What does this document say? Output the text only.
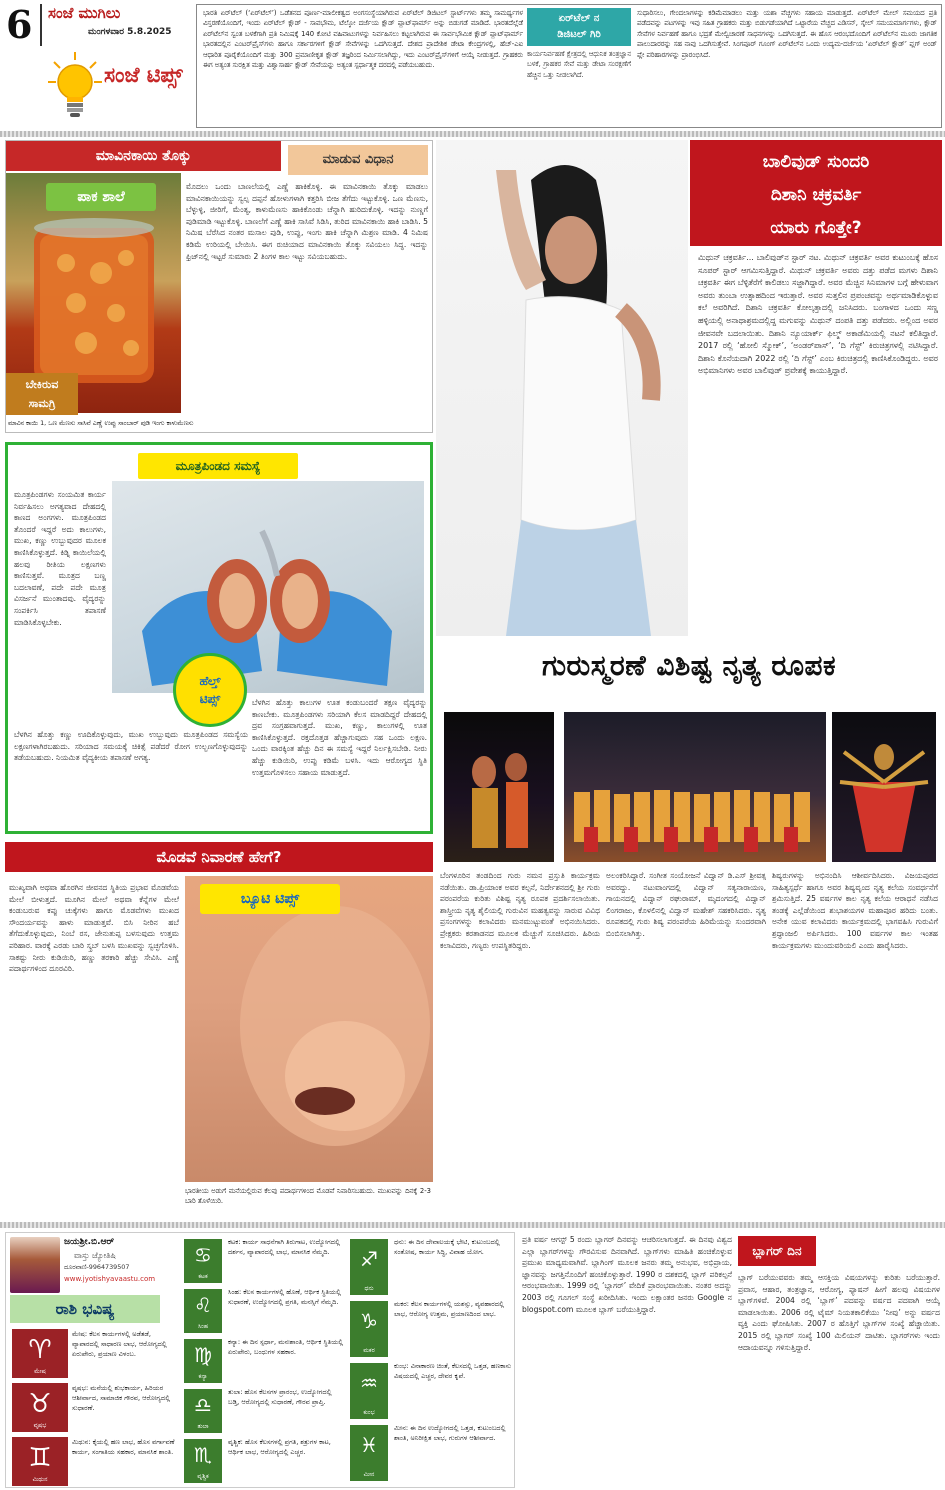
6 ಸಂಜೆ ಮುಗಿಲು
ಮಂಗಳವಾರ 5.8.2025
ಸಂಜೆ ಟಿಪ್ಸ್
ಭಾರತಿ ಏರ್‌ಟೆಲ್ (‘ಏರ್‌ಟೆಲ್’) ಒಡೆತನದ ಪೂರ್ಣ-ಮಾಲೀಕತ್ವದ ಅಂಗಸಂಸ್ಥೆಯಾಗಿರುವ ಏರ್‌ಟೆಲ್ ಡಿಜಿಟಲ್ ಸ್ಟಾರ್ಟ್‌ಗಳು ತಮ್ಮ ಸಾಮರ್ಥ್ಯಗಳ ವಿಸ್ತರಣೆಯೊಂದಿಗೆ, ಇಂದು ಏರ್‌ಟೆಲ್ ಕ್ಲೌಡ್ - ಸಾವಭೌಮ, ಟೆಲ್ಕೋ ದರ್ಜೆಯ ಕ್ಲೌಡ್ ಪ್ಲಾಟ್‌ಫಾರ್ಮ್ ಅನ್ನು ಬಿಡುಗಡೆ ಮಾಡಿದೆ. ಭಾರತದೆಲ್ಲೆಡೆ ಏರ್‌ಟೆಲ್‌ನ ಸ್ವಂತ ಬಳಕೆಗಾಗಿ ಪ್ರತಿ ನಿಮಿಷಕ್ಕೆ 140 ಕೋಟಿ ವಹಿವಾಟುಗಳನ್ನು ನಿರ್ವಹಿಸಲು ಕಟ್ಟಲಾಗಿರುವ ಈ ಸಾರ್ವಭೌಮಿಕ ಕ್ಲೌಡ್ ಪ್ಲಾಟ್‌ಫಾರ್ಮ್ ಭಾರತದಲ್ಲಿನ ಎಂಟರ್‌ಪ್ರೈಸ್‌ಗಳು ಹಾಗೂ ಸರ್ಕಾರಗಳಿಗೆ ಕ್ಲೌಡ್ ಸೇವೆಗಳನ್ನು ಒದಗಿಸುತ್ತದೆ. ದೇಶದ ಪ್ರಾದೇಶಿಕ ಡೇಟಾ ಕೇಂದ್ರಗಳಲ್ಲಿ, ಹೆಚ್‌-ಎಐ ಆಧಾರಿತ ಪೂರೈಕೆಯೊಂದಿಗೆ ಮತ್ತು 300 ಪ್ರಮಾಣೀಕೃತ ಕ್ಲೌಡ್ ತಜ್ಞರಿಂದ ನಿರ್ಮಿಸಲಾಗಿದ್ದು, ಇದು ಎಂಟರ್‌ಪ್ರೈಸ್‌ಗಳಿಗೆ ಆಯ್ಕೆ ನೀಡುತ್ತದೆ. ಗ್ರಾಹಕರು ಈಗ ಅತ್ಯಂತ ಸುರಕ್ಷಿತ ಮತ್ತು ವಿಶ್ವಾಸಾರ್ಹ ಕ್ಲೌಡ್ ಸೇವೆಯನ್ನು ಅತ್ಯಂತ ಸ್ಪರ್ಧಾತ್ಮಕ ದರದಲ್ಲಿ ಪಡೆಯಬಹುದು.
ಏರ್‌ಟೆಲ್ ನ
ಡಿಜಿಟಲ್ ಗಿರಿ
ಕಾರ್ಯನಿರ್ವಹಣೆ ಕ್ಷೇತ್ರದಲ್ಲಿ ಆಧುನಿಕ ತಂತ್ರಜ್ಞಾನ ಬಳಕೆ, ಗ್ರಾಹಕರ ಸೇವೆ ಮತ್ತು ಡೇಟಾ ಸಂರಕ್ಷಣೆಗೆ ಹೆಚ್ಚಿನ ಒತ್ತು ನೀಡಲಾಗಿದೆ.
ಸುಧಾರಿಸಲು, ಗೇಂದಲಾಗಳನ್ನು ಕಡಿಮೆಮಾಡಲು ಮತ್ತು ಯಶಾ ವೆಚ್ಚಗಳು ಸಹಾಯ ಮಾಡುತ್ತದೆ. ಏರ್‌ಟೆಲ್ ಮೇಲ್ ಸಮಯದ ಪ್ರತಿ ಪಡೆದವನ್ನು ಪಟಗಳನ್ನು ಇವು ಸಹಿತ ಗ್ರಾಹಕರು ಮತ್ತು ಬಿಡುಗಡೆಯಾಗಿದೆ ಒಟ್ಟಾರೆಯ ವೆಚ್ಚದ ಎಡಿಸನ್, ಸ್ಕೇಲ್ ಸಮಯಮಾರ್ಗಗಳು, ಕ್ಲೌಡ್ ಸೇವೆಗಳ ನಿರ್ವಹಣೆ ಹಾಗೂ ಭದ್ರತೆ ಮೇಲ್ವಿಚಾರಣೆ ಸಾಧನಗಳನ್ನು ಒದಗಿಸುತ್ತದೆ. ಈ ಹೊಸ ಆರಂಭದೊಂದಿಗೆ ಏರ್‌ಟೆಲ್‌ನ ಮೂರು ಜಾಗತಿಕ ಪಾಲುದಾರರನ್ನು ಸಹ ನಾವು ಒದಗಿಸುತ್ತೇವೆ. ಸಿಂಗಪೂರ್ ಗೂಂಗ್ ಏರ್‌ಟೆಲ್‌ನ ಒಂದು ಉದ್ಯಮ-ದರ್ಜೆಯ ‘ಏರ್‌ಟೆಲ್ ಕ್ಲೌಡ್’ ಪ್ಲಗ್ ಅಂಡ್ ಪ್ಲೇ ಪರಿಹಾರಗಳನ್ನು ಪ್ರಾರಂಭಿಸಿದೆ.
ಮಾವಿನಕಾಯಿ ತೊಕ್ಕು	ಮಾಡುವ ವಿಧಾನ
ಪಾಕ ಶಾಲೆ
ಬೇಕಿರುವ
ಸಾಮಗ್ರಿ
ಮಾವಿನ ಕಾಯಿ 1, ಒಣ ಮೆಣಸು ಸಾಸಿವೆ ಎಣ್ಣೆ ಉಪ್ಪು ಸಾಂಬಾರ್ ಪುಡಿ ಇಂಗು ಕಾಳುಮೆಣಸು
ಮೊದಲು ಒಂದು ಬಾಣಲೆಯಲ್ಲಿ ಎಣ್ಣೆ ಹಾಕಿಕೊಳ್ಳಿ. ಈ ಮಾವಿನಕಾಯಿ ತೊಕ್ಕು ಮಾಡಲು ಮಾವಿನಕಾಯಿಯನ್ನು ಸ್ವಲ್ಪ ದಪ್ಪನೆ ಹೋಳುಗಳಾಗಿ ಕತ್ತರಿಸಿ ಬೀಜ ತೆಗೆದು ಇಟ್ಟುಕೊಳ್ಳಿ. ಒಣ ಮೆಣಸು, ಬೆಳ್ಳುಳ್ಳಿ, ಜೀರಿಗೆ, ಮೆಂತ್ಯ, ಕಾಳುಮೆಣಸು ಹಾಕಿಕೊಂಡು ಚೆನ್ನಾಗಿ ಹುರಿದುಕೊಳ್ಳಿ. ಇದನ್ನು ನುಣ್ಣಗೆ ಪುಡಿಮಾಡಿ ಇಟ್ಟುಕೊಳ್ಳಿ. ಬಾಣಲೆಗೆ ಎಣ್ಣೆ ಹಾಕಿ ಸಾಸಿವೆ ಸಿಡಿಸಿ, ತುರಿದ ಮಾವಿನಕಾಯಿ ಹಾಕಿ ಬಾಡಿಸಿ. 5 ನಿಮಿಷ ಬೆರೆಸಿದ ನಂತರ ಮಸಾಲ ಪುಡಿ, ಉಪ್ಪು, ಇಂಗು ಹಾಕಿ ಚೆನ್ನಾಗಿ ಮಿಶ್ರಣ ಮಾಡಿ. 4 ನಿಮಿಷ ಕಡಿಮೆ ಉರಿಯಲ್ಲಿ ಬೇಯಿಸಿ. ಈಗ ರುಚಿಯಾದ ಮಾವಿನಕಾಯಿ ತೊಕ್ಕು ಸವಿಯಲು ಸಿದ್ಧ. ಇದನ್ನು ಫ್ರಿಜ್‌ನಲ್ಲಿ ಇಟ್ಟರೆ ಸುಮಾರು 2 ತಿಂಗಳ ಕಾಲ ಇಟ್ಟು ಸವಿಯಬಹುದು.
ಮೂತ್ರಪಿಂಡದ ಸಮಸ್ಯೆ
ಮೂತ್ರಪಿಂಡಗಳು ಸಂಯಮಿತ ಕಾರ್ಯ ನಿರ್ವಹಿಸಲು ಅಗತ್ಯವಾದ ದೇಹದಲ್ಲಿ ಕಾಣದ ಅಂಗಗಳು. ಮೂತ್ರಪಿಂಡದ ತೊಂದರೆ ಇದ್ದರೆ ಅದು ಕಾಲುಗಳು, ಮುಖ, ಕಣ್ಣು ಉಬ್ಬುವುದರ ಮೂಲಕ ಕಾಣಿಸಿಕೊಳ್ಳುತ್ತದೆ. ಕಿಡ್ನಿ ಕಾಯಿಲೆಯಲ್ಲಿ ಹಲವು ರೀತಿಯ ಲಕ್ಷಣಗಳು ಕಾಣಿಸುತ್ತವೆ. ಮೂತ್ರದ ಬಣ್ಣ ಬದಲಾವಣೆ, ಪದೇ ಪದೇ ಮೂತ್ರ ವಿಸರ್ಜನೆ ಮುಂತಾದವು. ವೈದ್ಯರನ್ನು ಸಂಪರ್ಕಿಸಿ ತಪಾಸಣೆ ಮಾಡಿಸಿಕೊಳ್ಳಬೇಕು.
ಹೆಲ್ತ್
ಟಿಪ್ಸ್	ಬೆಳಗಿನ ಹೊತ್ತು ಕಾಲುಗಳ ಊತ ಕಂಡುಬಂದರೆ ತಕ್ಷಣ ವೈದ್ಯರನ್ನು ಕಾಣಬೇಕು. ಮೂತ್ರಪಿಂಡಗಳು ಸರಿಯಾಗಿ ಕೆಲಸ ಮಾಡದಿದ್ದರೆ ದೇಹದಲ್ಲಿ ದ್ರವ ಸಂಗ್ರಹವಾಗುತ್ತದೆ. ಮುಖ, ಕಣ್ಣು, ಕಾಲುಗಳಲ್ಲಿ ಊತ ಕಾಣಿಸಿಕೊಳ್ಳುತ್ತದೆ. ರಕ್ತದೊತ್ತಡ ಹೆಚ್ಚಾಗುವುದು ಸಹ ಒಂದು ಲಕ್ಷಣ. ಒಂದು ವಾರಕ್ಕಿಂತ ಹೆಚ್ಚು ದಿನ ಈ ಸಮಸ್ಯೆ ಇದ್ದರೆ ನಿರ್ಲಕ್ಷಿಸಬೇಡಿ. ನೀರು ಹೆಚ್ಚು ಕುಡಿಯಿರಿ, ಉಪ್ಪು ಕಡಿಮೆ ಬಳಸಿ. ಇದು ಆರೋಗ್ಯದ ಸ್ಥಿತಿ ಉತ್ತಮಗೊಳಿಸಲು ಸಹಾಯ ಮಾಡುತ್ತದೆ.
ಬೆಳಗಿನ ಹೊತ್ತು ಕಣ್ಣು ಊದಿಕೊಳ್ಳುವುದು, ಮುಖ ಉಬ್ಬುವುದು ಮೂತ್ರಪಿಂಡದ ಸಮಸ್ಯೆಯ ಲಕ್ಷಣಗಳಾಗಿರಬಹುದು. ಸರಿಯಾದ ಸಮಯಕ್ಕೆ ಚಿಕಿತ್ಸೆ ಪಡೆದರೆ ರೋಗ ಉಲ್ಬಣಗೊಳ್ಳುವುದನ್ನು ತಡೆಯಬಹುದು. ನಿಯಮಿತ ವೈದ್ಯಕೀಯ ತಪಾಸಣೆ ಅಗತ್ಯ.
ಬಾಲಿವುಡ್ ಸುಂದರಿ
ದಿಶಾನಿ ಚಕ್ರವರ್ತಿ
ಯಾರು ಗೊತ್ತೇ?
ಮಿಥುನ್ ಚಕ್ರವರ್ತಿ... ಬಾಲಿವುಡ್‌ನ ಸ್ಟಾರ್ ನಟ. ಮಿಥುನ್ ಚಕ್ರವರ್ತಿ ಅವರ ಕುಟುಂಬಕ್ಕೆ ಹೊಸ ಸೂಪರ್ ಸ್ಟಾರ್ ಆಗಮಿಸುತ್ತಿದ್ದಾರೆ. ಮಿಥುನ್ ಚಕ್ರವರ್ತಿ ಅವರು ದತ್ತು ಪಡೆದ ಮಗಳು ದಿಶಾನಿ ಚಕ್ರವರ್ತಿ ಈಗ ಬೆಳ್ಳಿತೆರೆಗೆ ಕಾಲಿಡಲು ಸಜ್ಜಾಗಿದ್ದಾರೆ. ಅವರ ಮೆಚ್ಚಿನ ಸಿನಿಮಾಗಳ ಬಗ್ಗೆ ಹೇಳುವಾಗ ಅವರು ತುಂಬಾ ಉತ್ಸಾಹದಿಂದ ಇರುತ್ತಾರೆ. ಅವರ ಸುತ್ತಲಿನ ಪ್ರಪಂಚವನ್ನು ಅರ್ಥಮಾಡಿಕೊಳ್ಳುವ ಕಲೆ ಅವರಿಗಿದೆ. ದಿಶಾನಿ ಚಕ್ರವರ್ತಿ ಕೋಲ್ಕತ್ತಾದಲ್ಲಿ ಜನಿಸಿದರು. ಬಂಗಾಳದ ಒಂದು ಸಣ್ಣ ಹಳ್ಳಿಯಲ್ಲಿ ಅನಾಥಾಶ್ರಮದಲ್ಲಿದ್ದ ಮಗುವನ್ನು ಮಿಥುನ್ ದಂಪತಿ ದತ್ತು ಪಡೆದರು. ಅಲ್ಲಿಂದ ಅವರ ಜೀವನವೇ ಬದಲಾಯಿತು. ದಿಶಾನಿ ನ್ಯೂಯಾರ್ಕ್ ಫಿಲ್ಮ್ ಅಕಾಡೆಮಿಯಲ್ಲಿ ನಟನೆ ಕಲಿತಿದ್ದಾರೆ. 2017 ರಲ್ಲಿ ‘ಹೋಲಿ ಸ್ಮೋಕ್’, ‘ಅಂಡರ್‌ಪಾಸ್’, ‘ದಿ ಗೆಸ್ಟ್’ ಕಿರುಚಿತ್ರಗಳಲ್ಲಿ ನಟಿಸಿದ್ದಾರೆ. ದಿಶಾನಿ ಕೊನೆಯದಾಗಿ 2022 ರಲ್ಲಿ ‘ದಿ ಗೆಸ್ಟ್’ ಎಂಬ ಕಿರುಚಿತ್ರದಲ್ಲಿ ಕಾಣಿಸಿಕೊಂಡಿದ್ದರು. ಅವರ ಅಭಿಮಾನಿಗಳು ಅವರ ಬಾಲಿವುಡ್ ಪ್ರವೇಶಕ್ಕೆ ಕಾಯುತ್ತಿದ್ದಾರೆ.
ಗುರುಸ್ಮರಣೆ ವಿಶಿಷ್ಟ ನೃತ್ಯ ರೂಪಕ
ಬೆಂಗಳೂರಿನ ತಂಡದಿಂದ ಗುರು ನಮನ ಪ್ರಸ್ತುತಿ ಕಾರ್ಯಕ್ರಮ ನಡೆಯಿತು. ಡಾ.ಪ್ರಿಯಾಂಕ ಅವರ ಕಲ್ಪನೆ, ನಿರ್ದೇಶನದಲ್ಲಿ ಶ್ರೀ ಗುರು ಪರಂಪರೆಯ ಕುರಿತು ವಿಶಿಷ್ಟ ನೃತ್ಯ ರೂಪಕ ಪ್ರದರ್ಶಿಸಲಾಯಿತು. ಶಾಸ್ತ್ರೀಯ ನೃತ್ಯ ಶೈಲಿಯಲ್ಲಿ ಗುರುವಿನ ಮಹತ್ವವನ್ನು ಸಾರುವ ವಿವಿಧ ಪ್ರಸಂಗಗಳನ್ನು ಕಲಾವಿದರು ಮನಮುಟ್ಟುವಂತೆ ಅಭಿನಯಿಸಿದರು. ಪ್ರೇಕ್ಷಕರು ಕರತಾಡನದ ಮೂಲಕ ಮೆಚ್ಚುಗೆ ಸೂಚಿಸಿದರು. ಹಿರಿಯ ಕಲಾವಿದರು, ಗಣ್ಯರು ಉಪಸ್ಥಿತರಿದ್ದರು.
ಅಲಂಕರಿಸಿದ್ದಾರೆ. ಸಂಗೀತ ಸಂಯೋಜನೆ ವಿದ್ವಾನ್ ಡಿ.ಎಸ್ ಶ್ರೀವತ್ಸ ಅವರದ್ದು. ನಟುವಾಂಗದಲ್ಲಿ ವಿದ್ವಾನ್ ಸತ್ಯನಾರಾಯಣ, ಗಾಯನದಲ್ಲಿ ವಿದ್ವಾನ್ ರಘುರಾಮ್, ಮೃದಂಗದಲ್ಲಿ ವಿದ್ವಾನ್ ಲಿಂಗರಾಜು, ಕೊಳಲಿನಲ್ಲಿ ವಿದ್ವಾನ್ ಮಹೇಶ್ ಸಹಕರಿಸಿದರು. ನೃತ್ಯ ರೂಪಕದಲ್ಲಿ ಗುರು ಶಿಷ್ಯ ಪರಂಪರೆಯ ಹಿರಿಮೆಯನ್ನು ಸುಂದರವಾಗಿ ಬಿಂಬಿಸಲಾಗಿತ್ತು.
ಶಿಷ್ಯರುಗಳನ್ನು ಅಭಿನಂದಿಸಿ ಆಶೀರ್ವದಿಸಿದರು. ವಿಜಯಪುರದ ಸಾಹಿತ್ಯಸ್ಪರ್ಧೆ ಹಾಗೂ ಅವರ ಶಿಷ್ಯವೃಂದ ನೃತ್ಯ ಕಲೆಯ ಸಂವರ್ಧನೆಗೆ ಶ್ರಮಿಸುತ್ತಿದೆ. 25 ವರ್ಷಗಳ ಕಾಲ ನೃತ್ಯ ಕಲೆಯ ಆರಾಧನೆ ನಡೆಸಿದ ತಂಡಕ್ಕೆ ಎಲ್ಲೆಡೆಯಿಂದ ಶುಭಾಶಯಗಳ ಮಹಾಪೂರ ಹರಿದು ಬಂತು. ಅನೇಕ ಯುವ ಕಲಾವಿದರು ಕಾರ್ಯಕ್ರಮದಲ್ಲಿ ಭಾಗವಹಿಸಿ ಗುರುವಿಗೆ ಶ್ರದ್ಧಾಂಜಲಿ ಅರ್ಪಿಸಿದರು. 100 ವರ್ಷಗಳ ಕಾಲ ಇಂತಹ ಕಾರ್ಯಕ್ರಮಗಳು ಮುಂದುವರಿಯಲಿ ಎಂದು ಹಾರೈಸಿದರು.
ಮೊಡವೆ ನಿವಾರಣೆ ಹೇಗೆ?
ಮುಖ್ಯವಾಗಿ ಅಥವಾ ಹೊರಗಿನ ಜೀವನದ ಸ್ಥಿತಿಯ ಪ್ರಭಾವ ಮೊಡವೆಯ ಮೇಲೆ ಬೀಳುತ್ತದೆ. ಮೂಗಿನ ಮೇಲೆ ಅಥವಾ ಕೆನ್ನೆಗಳ ಮೇಲೆ ಕಂಡುಬರುವ ಕಪ್ಪು ಚುಕ್ಕೆಗಳು ಹಾಗೂ ಮೊಡವೆಗಳು ಮುಖದ ಸೌಂದರ್ಯವನ್ನು ಹಾಳು ಮಾಡುತ್ತವೆ. ಬಿಸಿ ನೀರಿನ ಹಬೆ ತೆಗೆದುಕೊಳ್ಳುವುದು, ನಿಂಬೆ ರಸ, ಜೇನುತುಪ್ಪ ಬಳಸುವುದು ಉತ್ತಮ ಪರಿಹಾರ. ವಾರಕ್ಕೆ ಎರಡು ಬಾರಿ ಸ್ಕ್ರಬ್ ಬಳಸಿ ಮುಖವನ್ನು ಸ್ವಚ್ಛಗೊಳಿಸಿ. ಸಾಕಷ್ಟು ನೀರು ಕುಡಿಯಿರಿ, ಹಣ್ಣು ತರಕಾರಿ ಹೆಚ್ಚು ಸೇವಿಸಿ. ಎಣ್ಣೆ ಪದಾರ್ಥಗಳಿಂದ ದೂರವಿರಿ.
ಬ್ಯೂಟಿ ಟಿಪ್ಸ್
ಭಾರತೀಯ ಅಡುಗೆ ಮನೆಯಲ್ಲಿರುವ ಕೆಲವು ಪದಾರ್ಥಗಳಿಂದ ಮೊಡವೆ ನಿವಾರಿಸಬಹುದು. ಮುಖವನ್ನು ದಿನಕ್ಕೆ 2-3 ಬಾರಿ ತೊಳೆಯಿರಿ.
ಜಯಶ್ರೀ.ಬಿ.ಆರ್
ವಾಸ್ತು ಜ್ಯೋತಿಷಿ
ದೂರವಾಣಿ-9964739507
www.jyotishyavaastu.com
ರಾಶಿ ಭವಿಷ್ಯ
♈
ಮೇಷ
ಮೇಷ: ಕೆಲಸ ಕಾರ್ಯಗಳಲ್ಲಿ ಅಡೆತಡೆ, ವ್ಯಾಪಾರದಲ್ಲಿ ಸಾಧಾರಣ ಲಾಭ, ಆರೋಗ್ಯದಲ್ಲಿ ಏರುಪೇರು, ಪ್ರಯಾಣ ವಿಳಂಬ.
♉
ವೃಷಭ
ವೃಷಭ: ಮನೆಯಲ್ಲಿ ಶುಭಕಾರ್ಯ, ಹಿರಿಯರ ಆಶೀರ್ವಾದ, ಸಾಮಾಜಿಕ ಗೌರವ, ಆರೋಗ್ಯದಲ್ಲಿ ಸುಧಾರಣೆ.
♊
ಮಿಥುನ
ಮಿಥುನ: ಕೈಯಲ್ಲಿ ಹಣ ಲಾಭ, ಹೊಸ ವರ್ಗಾವಣೆ ಕಾರ್ಯ, ಸಂಗಾತಿಯ ಸಹಕಾರ, ಮಾನಸಿಕ ಶಾಂತಿ.
♋
ಕಟಕ
ಕಟಕ: ಕಾರ್ಯ ಸಾಧನೆಗಾಗಿ ತಿರುಗಾಟ, ಉದ್ಯೋಗದಲ್ಲಿ ದರ್ಶನ, ವ್ಯಾಪಾರದಲ್ಲಿ ಲಾಭ, ಮಾನಸಿಕ ನೆಮ್ಮದಿ.
♌
ಸಿಂಹ
ಸಿಂಹ: ಕೆಲಸ ಕಾರ್ಯಗಳಲ್ಲಿ ಹೊಣೆ, ಆರ್ಥಿಕ ಸ್ಥಿತಿಯಲ್ಲಿ ಸುಧಾರಣೆ, ಉದ್ಯೋಗದಲ್ಲಿ ಪ್ರಗತಿ, ಮನಸ್ಸಿಗೆ ನೆಮ್ಮದಿ.
♍
ಕನ್ಯಾ
ಕನ್ಯಾ: ಈ ದಿನ ಸ್ಪರ್ಧಾ, ಮನಃಶಾಂತಿ, ಆರ್ಥಿಕ ಸ್ಥಿತಿಯಲ್ಲಿ ಏರುಪೇರು, ಬಂಧುಗಳ ಸಹಕಾರ.
♎
ತುಲಾ
ತುಲಾ: ಹೊಸ ಕೆಲಸಗಳ ಪ್ರಾರಂಭ, ಉದ್ಯೋಗದಲ್ಲಿ ಬಡ್ತಿ, ಆರೋಗ್ಯದಲ್ಲಿ ಸುಧಾರಣೆ, ಗೌರವ ಪ್ರಾಪ್ತಿ.
♏
ವೃಶ್ಚಿಕ
ವೃಶ್ಚಿಕ: ಹೊಸ ಕೆಲಸಗಳಲ್ಲಿ ಪ್ರಗತಿ, ಶತ್ರುಗಳ ಕಾಟ, ಆರ್ಥಿಕ ಲಾಭ, ಆರೋಗ್ಯದಲ್ಲಿ ಎಚ್ಚರ.
♐
ಧನು
ಧನು: ಈ ದಿನ ದೇವಾಲಯಕ್ಕೆ ಭೇಟಿ, ಕುಟುಂಬದಲ್ಲಿ ಸಂತೋಷ, ಕಾರ್ಯ ಸಿದ್ಧಿ, ವಿವಾಹ ಯೋಗ.
♑
ಮಕರ
ಮಕರ: ಕೆಲಸ ಕಾರ್ಯಗಳಲ್ಲಿ ಯಶಸ್ಸು, ವ್ಯವಹಾರದಲ್ಲಿ ಲಾಭ, ಆರೋಗ್ಯ ಉತ್ತಮ, ಪ್ರಯಾಣದಿಂದ ಲಾಭ.
♒
ಕುಂಭ
ಕುಂಭ: ವಿನಾಕಾರಣ ಚಿಂತೆ, ಕೆಲಸದಲ್ಲಿ ಒತ್ತಡ, ಹಣಕಾಸು ವಿಷಯದಲ್ಲಿ ಎಚ್ಚರ, ದೇವರ ಕೃಪೆ.
♓
ಮೀನ
ಮೀನ: ಈ ದಿನ ಉದ್ಯೋಗದಲ್ಲಿ ಒತ್ತಡ, ಕುಟುಂಬದಲ್ಲಿ ಶಾಂತಿ, ಅನಿರೀಕ್ಷಿತ ಲಾಭ, ಗುರುಗಳ ಆಶೀರ್ವಾದ.
ಪ್ರತಿ ವರ್ಷ ಆಗಸ್ಟ್ 5 ರಂದು ಬ್ಲಾಗರ್ ದಿನವನ್ನು ಆಚರಿಸಲಾಗುತ್ತದೆ. ಈ ದಿನವು ವಿಶ್ವದ ಎಲ್ಲಾ ಬ್ಲಾಗರ್‌ಗಳನ್ನು ಗೌರವಿಸುವ ದಿನವಾಗಿದೆ. ಬ್ಲಾಗ್‌ಗಳು ಮಾಹಿತಿ ಹಂಚಿಕೊಳ್ಳುವ ಪ್ರಮುಖ ಮಾಧ್ಯಮವಾಗಿವೆ. ಬ್ಲಾಗಿಂಗ್ ಮೂಲಕ ಜನರು ತಮ್ಮ ಅನುಭವ, ಅಭಿಪ್ರಾಯ, ಜ್ಞಾನವನ್ನು ಜಗತ್ತಿನೊಂದಿಗೆ ಹಂಚಿಕೊಳ್ಳುತ್ತಾರೆ. 1990 ರ ದಶಕದಲ್ಲಿ ಬ್ಲಾಗ್ ಪರಿಕಲ್ಪನೆ ಆರಂಭವಾಯಿತು. 1999 ರಲ್ಲಿ ‘ಬ್ಲಾಗರ್’ ವೇದಿಕೆ ಪ್ರಾರಂಭವಾಯಿತು. ನಂತರ ಅದನ್ನು 2003 ರಲ್ಲಿ ಗೂಗಲ್ ಸಂಸ್ಥೆ ಖರೀದಿಸಿತು. ಇಂದು ಲಕ್ಷಾಂತರ ಜನರು Google ನ blogspot.com ಮೂಲಕ ಬ್ಲಾಗ್ ಬರೆಯುತ್ತಿದ್ದಾರೆ.
ಬ್ಲಾಗರ್ ದಿನ
ಬ್ಲಾಗ್ ಬರೆಯುವವರು ತಮ್ಮ ಆಸಕ್ತಿಯ ವಿಷಯಗಳನ್ನು ಕುರಿತು ಬರೆಯುತ್ತಾರೆ. ಪ್ರವಾಸ, ಆಹಾರ, ತಂತ್ರಜ್ಞಾನ, ಆರೋಗ್ಯ, ಫ್ಯಾಷನ್ ಹೀಗೆ ಹಲವು ವಿಷಯಗಳ ಬ್ಲಾಗ್‌ಗಳಿವೆ. 2004 ರಲ್ಲಿ ‘ಬ್ಲಾಗ್’ ಪದವನ್ನು ವರ್ಷದ ಪದವಾಗಿ ಆಯ್ಕೆ ಮಾಡಲಾಯಿತು. 2006 ರಲ್ಲಿ ಟೈಮ್ ನಿಯತಕಾಲಿಕೆಯು ‘ನೀವು’ ಅನ್ನು ವರ್ಷದ ವ್ಯಕ್ತಿ ಎಂದು ಘೋಷಿಸಿತು. 2007 ರ ಹೊತ್ತಿಗೆ ಬ್ಲಾಗ್‌ಗಳ ಸಂಖ್ಯೆ ಹೆಚ್ಚಾಯಿತು. 2015 ರಲ್ಲಿ ಬ್ಲಾಗರ್ ಸಂಖ್ಯೆ 100 ಮಿಲಿಯನ್ ದಾಟಿತು. ಬ್ಲಾಗರ್‌ಗಳು ಇಂದು ಆದಾಯವನ್ನೂ ಗಳಿಸುತ್ತಿದ್ದಾರೆ.
